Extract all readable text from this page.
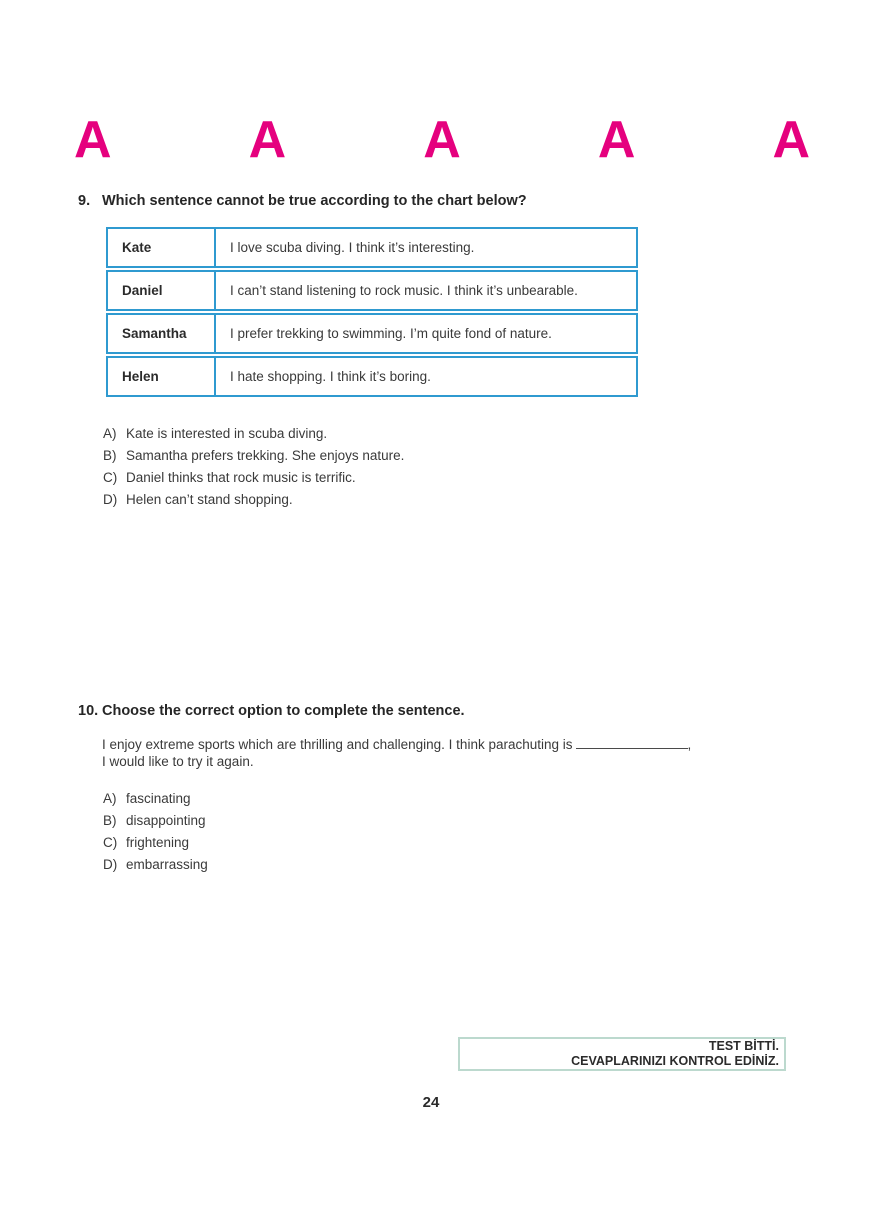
A	A	A	A	A
9. Which sentence cannot be true according to the chart below?
Kate	I love scuba diving. I think it’s interesting.
Daniel	I can’t stand listening to rock music. I think it’s unbearable.
Samantha	I prefer trekking to swimming. I’m quite fond of nature.
Helen	I hate shopping. I think it’s boring.
A) Kate is interested in scuba diving.
B) Samantha prefers trekking. She enjoys nature.
C) Daniel thinks that rock music is terrific.
D) Helen can’t stand shopping.
10. Choose the correct option to complete the sentence.
I enjoy extreme sports which are thrilling and challenging. I think parachuting is	,
I would like to try it again.
A) fascinating
B) disappointing
C) frightening
D) embarrassing
TEST BİTTİ.
CEVAPLARINIZI KONTROL EDİNİZ.
24
